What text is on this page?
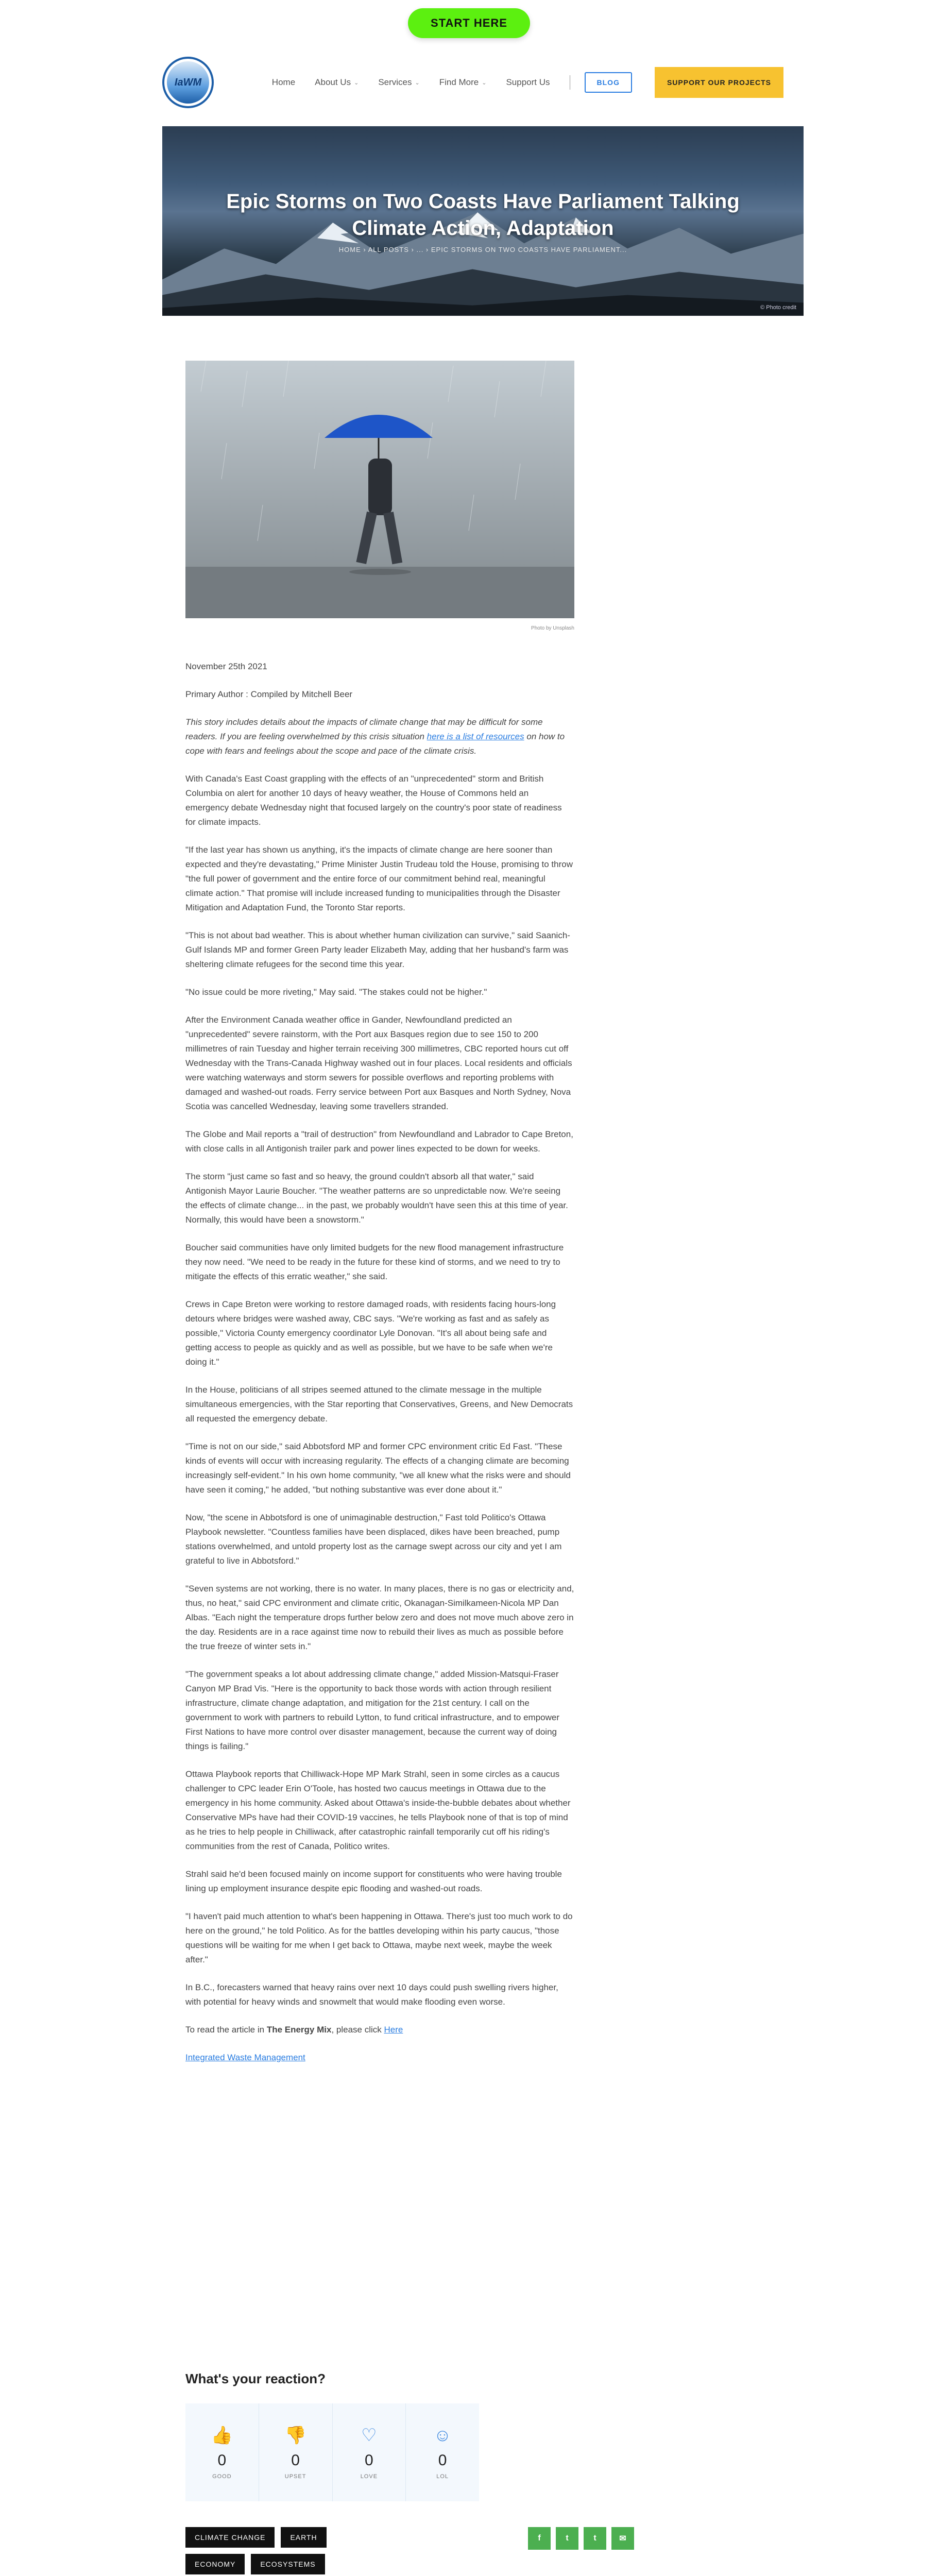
START HERE
IaWM	Home About Us ⌄ Services ⌄ Find More ⌄ Support Us	BLOG	SUPPORT OUR PROJECTS
Epic Storms on Two Coasts Have Parliament Talking Climate Action, Adaptation
HOME › ALL POSTS › ... › EPIC STORMS ON TWO COASTS HAVE PARLIAMENT...
© Photo credit
Photo by Unsplash

November 25th 2021

Primary Author : Compiled by Mitchell Beer

This story includes details about the impacts of climate change that may be difficult for some readers. If you are feeling overwhelmed by this crisis situation here is a list of resources on how to cope with fears and feelings about the scope and pace of the climate crisis.

With Canada's East Coast grappling with the effects of an "unprecedented" storm and British Columbia on alert for another 10 days of heavy weather, the House of Commons held an emergency debate Wednesday night that focused largely on the country's poor state of readiness for climate impacts.

"If the last year has shown us anything, it's the impacts of climate change are here sooner than expected and they're devastating," Prime Minister Justin Trudeau told the House, promising to throw "the full power of government and the entire force of our commitment behind real, meaningful climate action." That promise will include increased funding to municipalities through the Disaster Mitigation and Adaptation Fund, the Toronto Star reports.

"This is not about bad weather. This is about whether human civilization can survive," said Saanich-Gulf Islands MP and former Green Party leader Elizabeth May, adding that her husband's farm was sheltering climate refugees for the second time this year.

"No issue could be more riveting," May said. "The stakes could not be higher."

After the Environment Canada weather office in Gander, Newfoundland predicted an "unprecedented" severe rainstorm, with the Port aux Basques region due to see 150 to 200 millimetres of rain Tuesday and higher terrain receiving 300 millimetres, CBC reported hours cut off Wednesday with the Trans-Canada Highway washed out in four places. Local residents and officials were watching waterways and storm sewers for possible overflows and reporting problems with damaged and washed-out roads. Ferry service between Port aux Basques and North Sydney, Nova Scotia was cancelled Wednesday, leaving some travellers stranded.

The Globe and Mail reports a "trail of destruction" from Newfoundland and Labrador to Cape Breton, with close calls in all Antigonish trailer park and power lines expected to be down for weeks.

The storm "just came so fast and so heavy, the ground couldn't absorb all that water," said Antigonish Mayor Laurie Boucher. "The weather patterns are so unpredictable now. We're seeing the effects of climate change... in the past, we probably wouldn't have seen this at this time of year. Normally, this would have been a snowstorm."

Boucher said communities have only limited budgets for the new flood management infrastructure they now need. "We need to be ready in the future for these kind of storms, and we need to try to mitigate the effects of this erratic weather," she said.

Crews in Cape Breton were working to restore damaged roads, with residents facing hours-long detours where bridges were washed away, CBC says. "We're working as fast and as safely as possible," Victoria County emergency coordinator Lyle Donovan. "It's all about being safe and getting access to people as quickly and as well as possible, but we have to be safe when we're doing it."

In the House, politicians of all stripes seemed attuned to the climate message in the multiple simultaneous emergencies, with the Star reporting that Conservatives, Greens, and New Democrats all requested the emergency debate.

"Time is not on our side," said Abbotsford MP and former CPC environment critic Ed Fast. "These kinds of events will occur with increasing regularity. The effects of a changing climate are becoming increasingly self-evident." In his own home community, "we all knew what the risks were and should have seen it coming," he added, "but nothing substantive was ever done about it."

Now, "the scene in Abbotsford is one of unimaginable destruction," Fast told Politico's Ottawa Playbook newsletter. "Countless families have been displaced, dikes have been breached, pump stations overwhelmed, and untold property lost as the carnage swept across our city and yet I am grateful to live in Abbotsford."

"Seven systems are not working, there is no water. In many places, there is no gas or electricity and, thus, no heat," said CPC environment and climate critic, Okanagan-Similkameen-Nicola MP Dan Albas. "Each night the temperature drops further below zero and does not move much above zero in the day. Residents are in a race against time now to rebuild their lives as much as possible before the true freeze of winter sets in."

"The government speaks a lot about addressing climate change," added Mission-Matsqui-Fraser Canyon MP Brad Vis. "Here is the opportunity to back those words with action through resilient infrastructure, climate change adaptation, and mitigation for the 21st century. I call on the government to work with partners to rebuild Lytton, to fund critical infrastructure, and to empower First Nations to have more control over disaster management, because the current way of doing things is failing."

Ottawa Playbook reports that Chilliwack-Hope MP Mark Strahl, seen in some circles as a caucus challenger to CPC leader Erin O'Toole, has hosted two caucus meetings in Ottawa due to the emergency in his home community. Asked about Ottawa's inside-the-bubble debates about whether Conservative MPs have had their COVID-19 vaccines, he tells Playbook none of that is top of mind as he tries to help people in Chilliwack, after catastrophic rainfall temporarily cut off his riding's communities from the rest of Canada, Politico writes.

Strahl said he'd been focused mainly on income support for constituents who were having trouble lining up employment insurance despite epic flooding and washed-out roads.

"I haven't paid much attention to what's been happening in Ottawa. There's just too much work to do here on the ground," he told Politico. As for the battles developing within his party caucus, "those questions will be waiting for me when I get back to Ottawa, maybe next week, maybe the week after."

In B.C., forecasters warned that heavy rains over next 10 days could push swelling rivers higher, with potential for heavy winds and snowmelt that would make flooding even worse.

To read the article in The Energy Mix, please click Here

Integrated Waste Management

What's your reaction?
👍
0
GOOD
👎
0
UPSET
♡
0
LOVE
☺
0
LOL
CLIMATE CHANGE	EARTH
ECONOMY	ECOSYSTEMS
f	t	t	✉
